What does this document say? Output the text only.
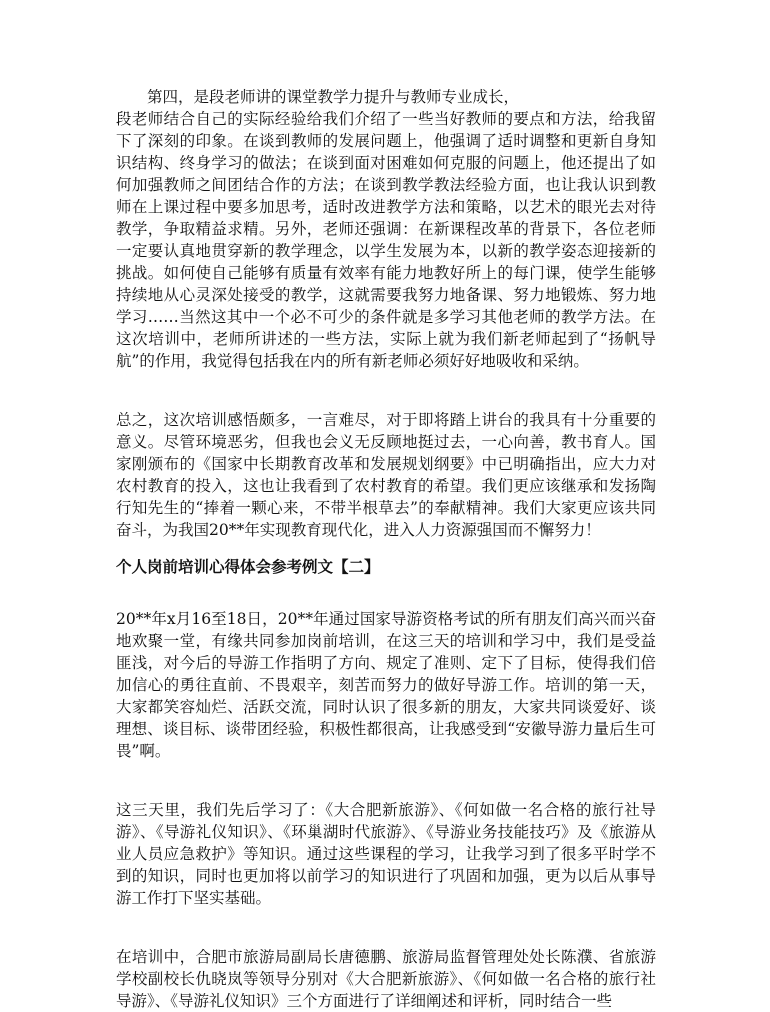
第四，是段老师讲的课堂教学力提升与教师专业成长，

段老师结合自己的实际经验给我们介绍了一些当好教师的要点和方法，给我留下了深刻的印象。在谈到教师的发展问题上，他强调了适时调整和更新自身知识结构、终身学习的做法；在谈到面对困难如何克服的问题上，他还提出了如何加强教师之间团结合作的方法；在谈到教学教法经验方面，也让我认识到教师在上课过程中要多加思考，适时改进教学方法和策略，以艺术的眼光去对待教学，争取精益求精。另外，老师还强调：在新课程改革的背景下，各位老师一定要认真地贯穿新的教学理念，以学生发展为本，以新的教学姿态迎接新的挑战。如何使自己能够有质量有效率有能力地教好所上的每门课，使学生能够持续地从心灵深处接受的教学，这就需要我努力地备课、努力地锻炼、努力地学习……当然这其中一个必不可少的条件就是多学习其他老师的教学方法。在这次培训中，老师所讲述的一些方法，实际上就为我们新老师起到了“扬帆导航”的作用，我觉得包括我在内的所有新老师必须好好地吸收和采纳。

总之，这次培训感悟颇多，一言难尽，对于即将踏上讲台的我具有十分重要的意义。尽管环境恶劣，但我也会义无反顾地挺过去，一心向善，教书育人。国家刚颁布的《国家中长期教育改革和发展规划纲要》中已明确指出，应大力对农村教育的投入，这也让我看到了农村教育的希望。我们更应该继承和发扬陶行知先生的“捧着一颗心来，不带半根草去”的奉献精神。我们大家更应该共同奋斗，为我国20**年实现教育现代化，进入人力资源强国而不懈努力！

个人岗前培训心得体会参考例文【二】

20**年x月16至18日，20**年通过国家导游资格考试的所有朋友们高兴而兴奋地欢聚一堂，有缘共同参加岗前培训，在这三天的培训和学习中，我们是受益匪浅，对今后的导游工作指明了方向、规定了准则、定下了目标，使得我们倍加信心的勇往直前、不畏艰辛，刻苦而努力的做好导游工作。培训的第一天，大家都笑容灿烂、活跃交流，同时认识了很多新的朋友，大家共同谈爱好、谈理想、谈目标、谈带团经验，积极性都很高，让我感受到“安徽导游力量后生可畏”啊。

这三天里，我们先后学习了：《大合肥新旅游》、《何如做一名合格的旅行社导游》、《导游礼仪知识》、《环巢湖时代旅游》、《导游业务技能技巧》及《旅游从业人员应急救护》等知识。通过这些课程的学习，让我学习到了很多平时学不到的知识，同时也更加将以前学习的知识进行了巩固和加强，更为以后从事导游工作打下坚实基础。

在培训中，合肥市旅游局副局长唐德鹏、旅游局监督管理处处长陈濮、省旅游学校副校长仇晓岚等领导分别对《大合肥新旅游》、《何如做一名合格的旅行社导游》、《导游礼仪知识》三个方面进行了详细阐述和评析，同时结合一些
